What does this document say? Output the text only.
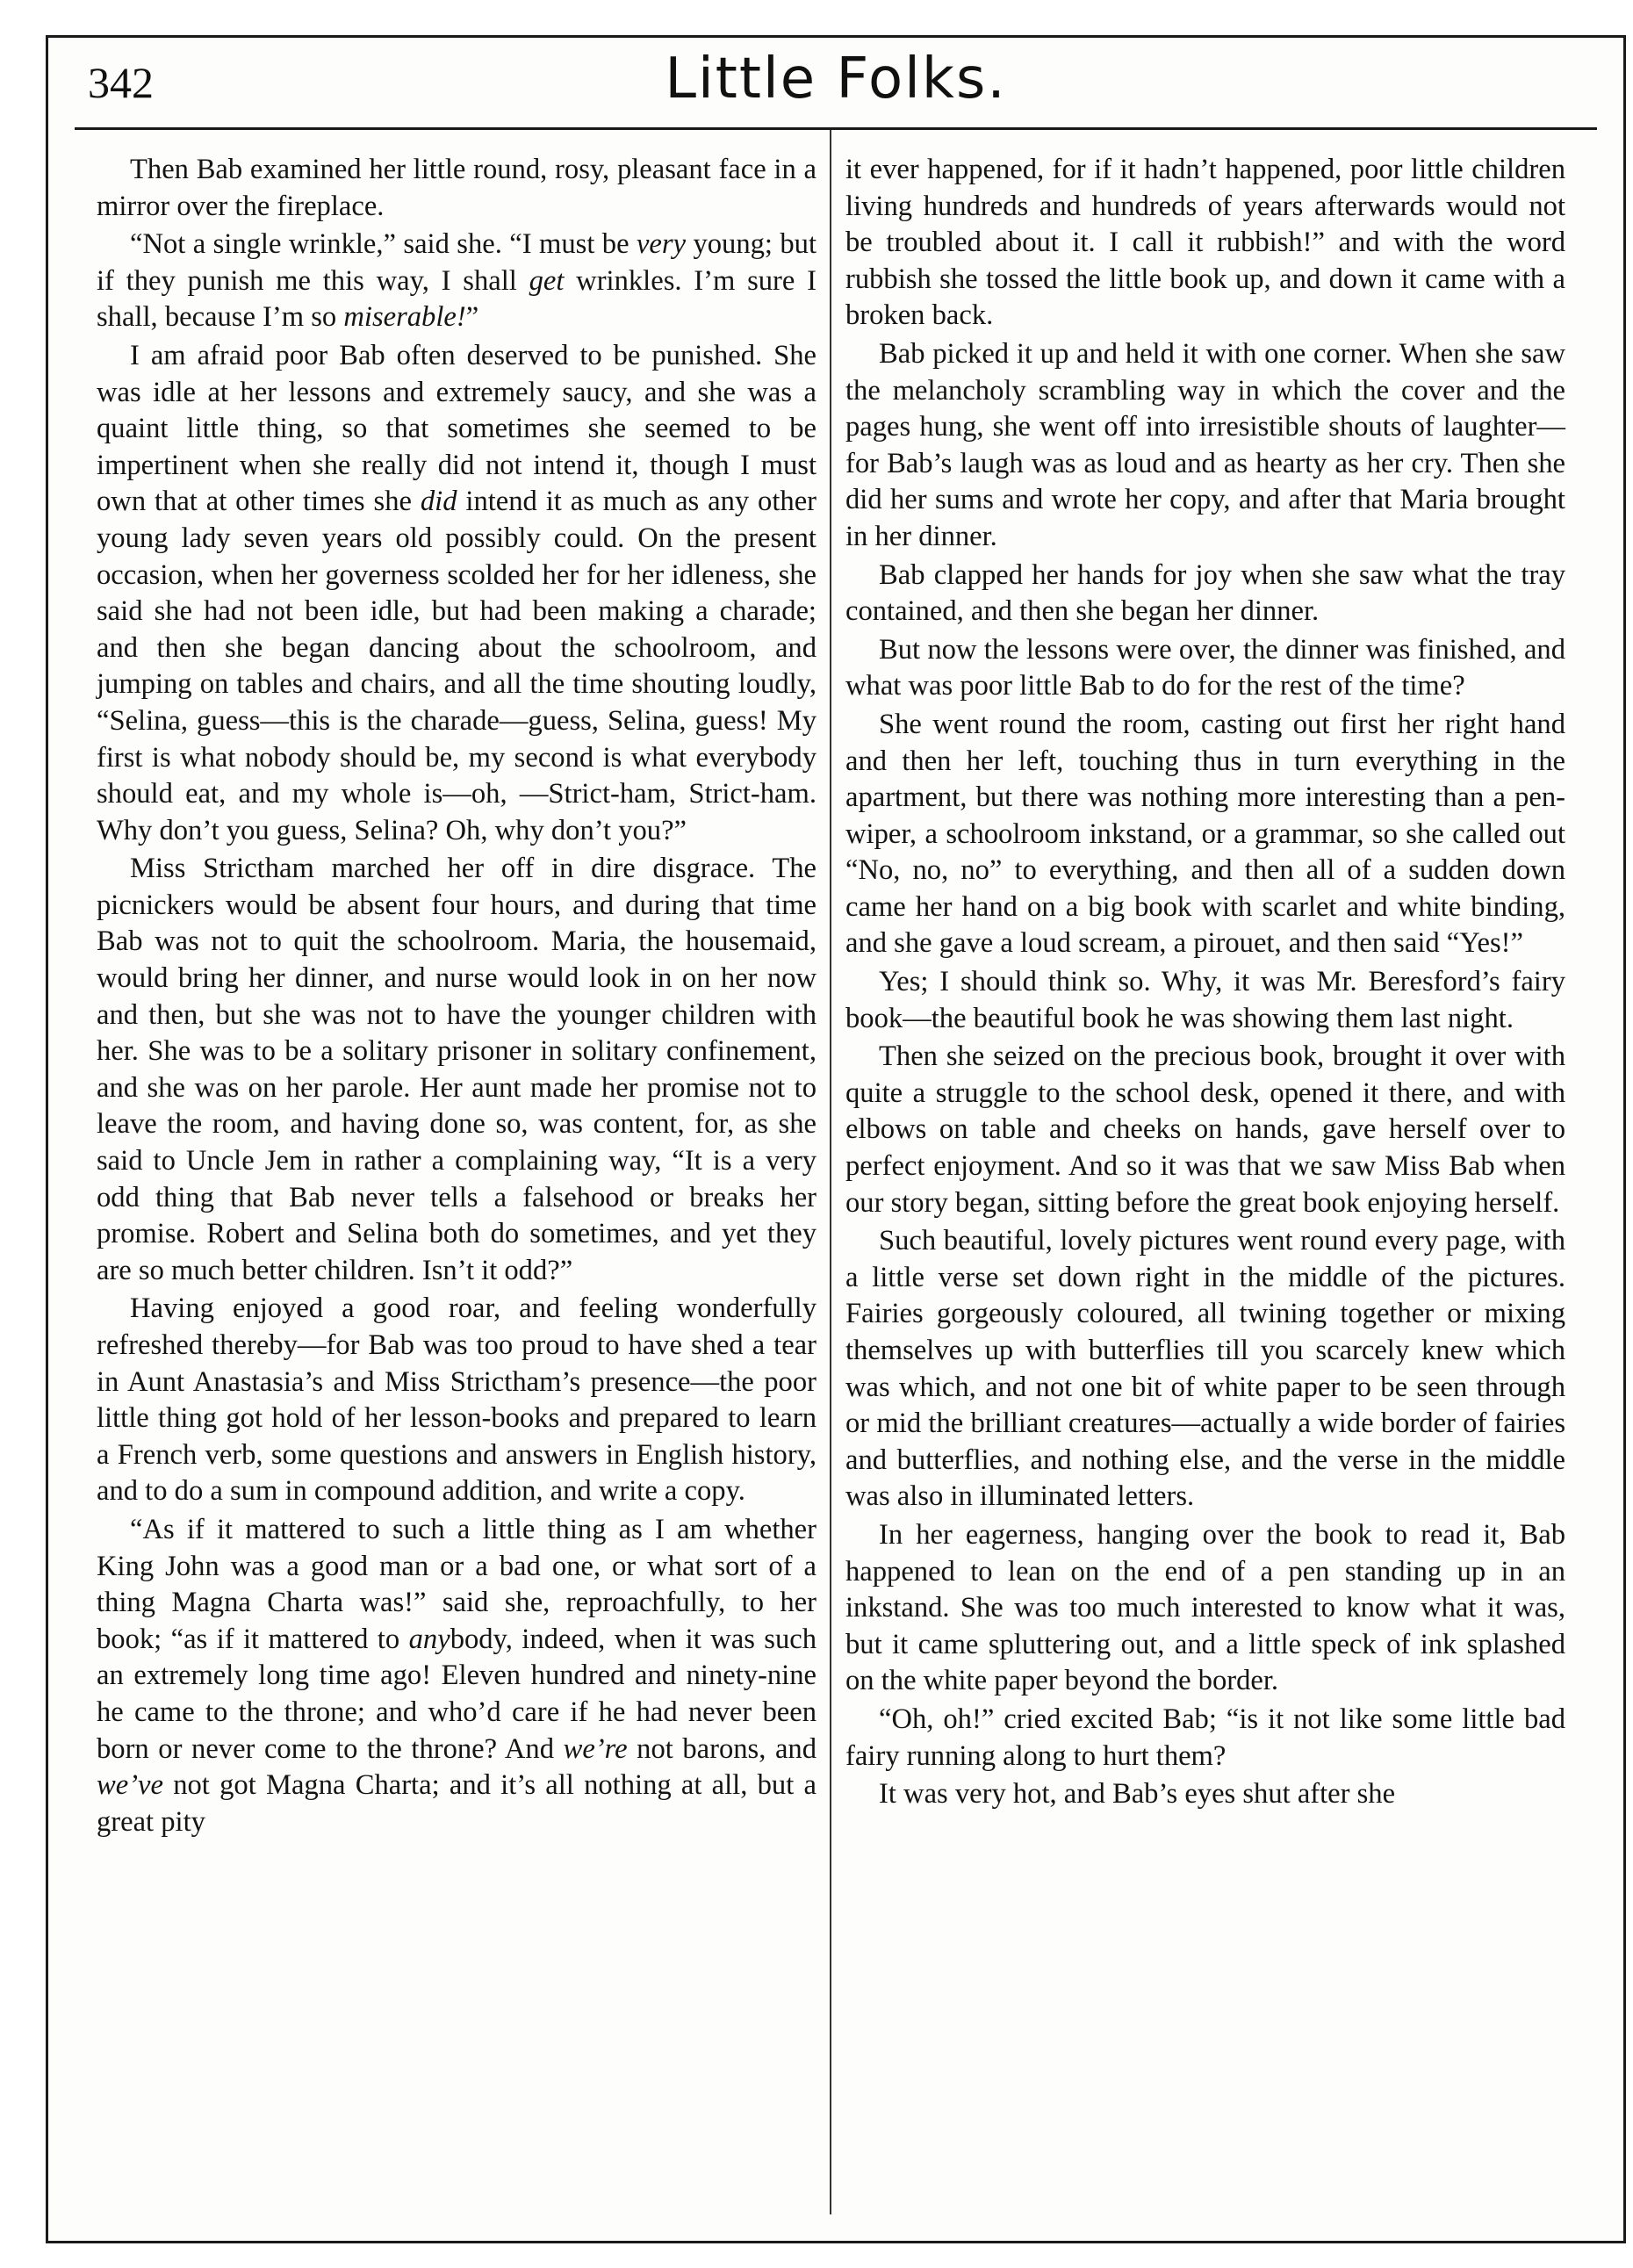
342	Little Folks.

Then Bab examined her little round, rosy, pleasant face in a mirror over the fireplace.

“Not a single wrinkle,” said she. “I must be very young; but if they punish me this way, I shall get wrinkles. I’m sure I shall, because I’m so miserable!”

I am afraid poor Bab often deserved to be punished. She was idle at her lessons and extremely saucy, and she was a quaint little thing, so that sometimes she seemed to be impertinent when she really did not intend it, though I must own that at other times she did intend it as much as any other young lady seven years old possibly could. On the present occasion, when her governess scolded her for her idleness, she said she had not been idle, but had been making a charade; and then she began dancing about the schoolroom, and jumping on tables and chairs, and all the time shouting loudly, “Selina, guess—this is the charade—guess, Selina, guess! My first is what nobody should be, my second is what everybody should eat, and my whole is—oh, —Strict-ham, Strict-ham. Why don’t you guess, Selina? Oh, why don’t you?”

Miss Strictham marched her off in dire disgrace. The picnickers would be absent four hours, and during that time Bab was not to quit the schoolroom. Maria, the housemaid, would bring her dinner, and nurse would look in on her now and then, but she was not to have the younger children with her. She was to be a solitary prisoner in solitary confinement, and she was on her parole. Her aunt made her promise not to leave the room, and having done so, was content, for, as she said to Uncle Jem in rather a complaining way, “It is a very odd thing that Bab never tells a falsehood or breaks her promise. Robert and Selina both do sometimes, and yet they are so much better children. Isn’t it odd?”

Having enjoyed a good roar, and feeling wonderfully refreshed thereby—for Bab was too proud to have shed a tear in Aunt Anastasia’s and Miss Strictham’s presence—the poor little thing got hold of her lesson-books and prepared to learn a French verb, some questions and answers in English history, and to do a sum in compound addition, and write a copy.

“As if it mattered to such a little thing as I am whether King John was a good man or a bad one, or what sort of a thing Magna Charta was!” said she, reproachfully, to her book; “as if it mattered to anybody, indeed, when it was such an extremely long time ago! Eleven hundred and ninety-nine he came to the throne; and who’d care if he had never been born or never come to the throne? And we’re not barons, and we’ve not got Magna Charta; and it’s all nothing at all, but a great pity

it ever happened, for if it hadn’t happened, poor little children living hundreds and hundreds of years afterwards would not be troubled about it. I call it rubbish!” and with the word rubbish she tossed the little book up, and down it came with a broken back.

Bab picked it up and held it with one corner. When she saw the melancholy scrambling way in which the cover and the pages hung, she went off into irresistible shouts of laughter—for Bab’s laugh was as loud and as hearty as her cry. Then she did her sums and wrote her copy, and after that Maria brought in her dinner.

Bab clapped her hands for joy when she saw what the tray contained, and then she began her dinner.

But now the lessons were over, the dinner was finished, and what was poor little Bab to do for the rest of the time?

She went round the room, casting out first her right hand and then her left, touching thus in turn everything in the apartment, but there was nothing more interesting than a pen-wiper, a schoolroom inkstand, or a grammar, so she called out “No, no, no” to everything, and then all of a sudden down came her hand on a big book with scarlet and white binding, and she gave a loud scream, a pirouet, and then said “Yes!”

Yes; I should think so. Why, it was Mr. Beresford’s fairy book—the beautiful book he was showing them last night.

Then she seized on the precious book, brought it over with quite a struggle to the school desk, opened it there, and with elbows on table and cheeks on hands, gave herself over to perfect enjoyment. And so it was that we saw Miss Bab when our story began, sitting before the great book enjoying herself.

Such beautiful, lovely pictures went round every page, with a little verse set down right in the middle of the pictures. Fairies gorgeously coloured, all twining together or mixing themselves up with butterflies till you scarcely knew which was which, and not one bit of white paper to be seen through or mid the brilliant creatures—actually a wide border of fairies and butterflies, and nothing else, and the verse in the middle was also in illuminated letters.

In her eagerness, hanging over the book to read it, Bab happened to lean on the end of a pen standing up in an inkstand. She was too much interested to know what it was, but it came spluttering out, and a little speck of ink splashed on the white paper beyond the border.

“Oh, oh!” cried excited Bab; “is it not like some little bad fairy running along to hurt them?

It was very hot, and Bab’s eyes shut after she
